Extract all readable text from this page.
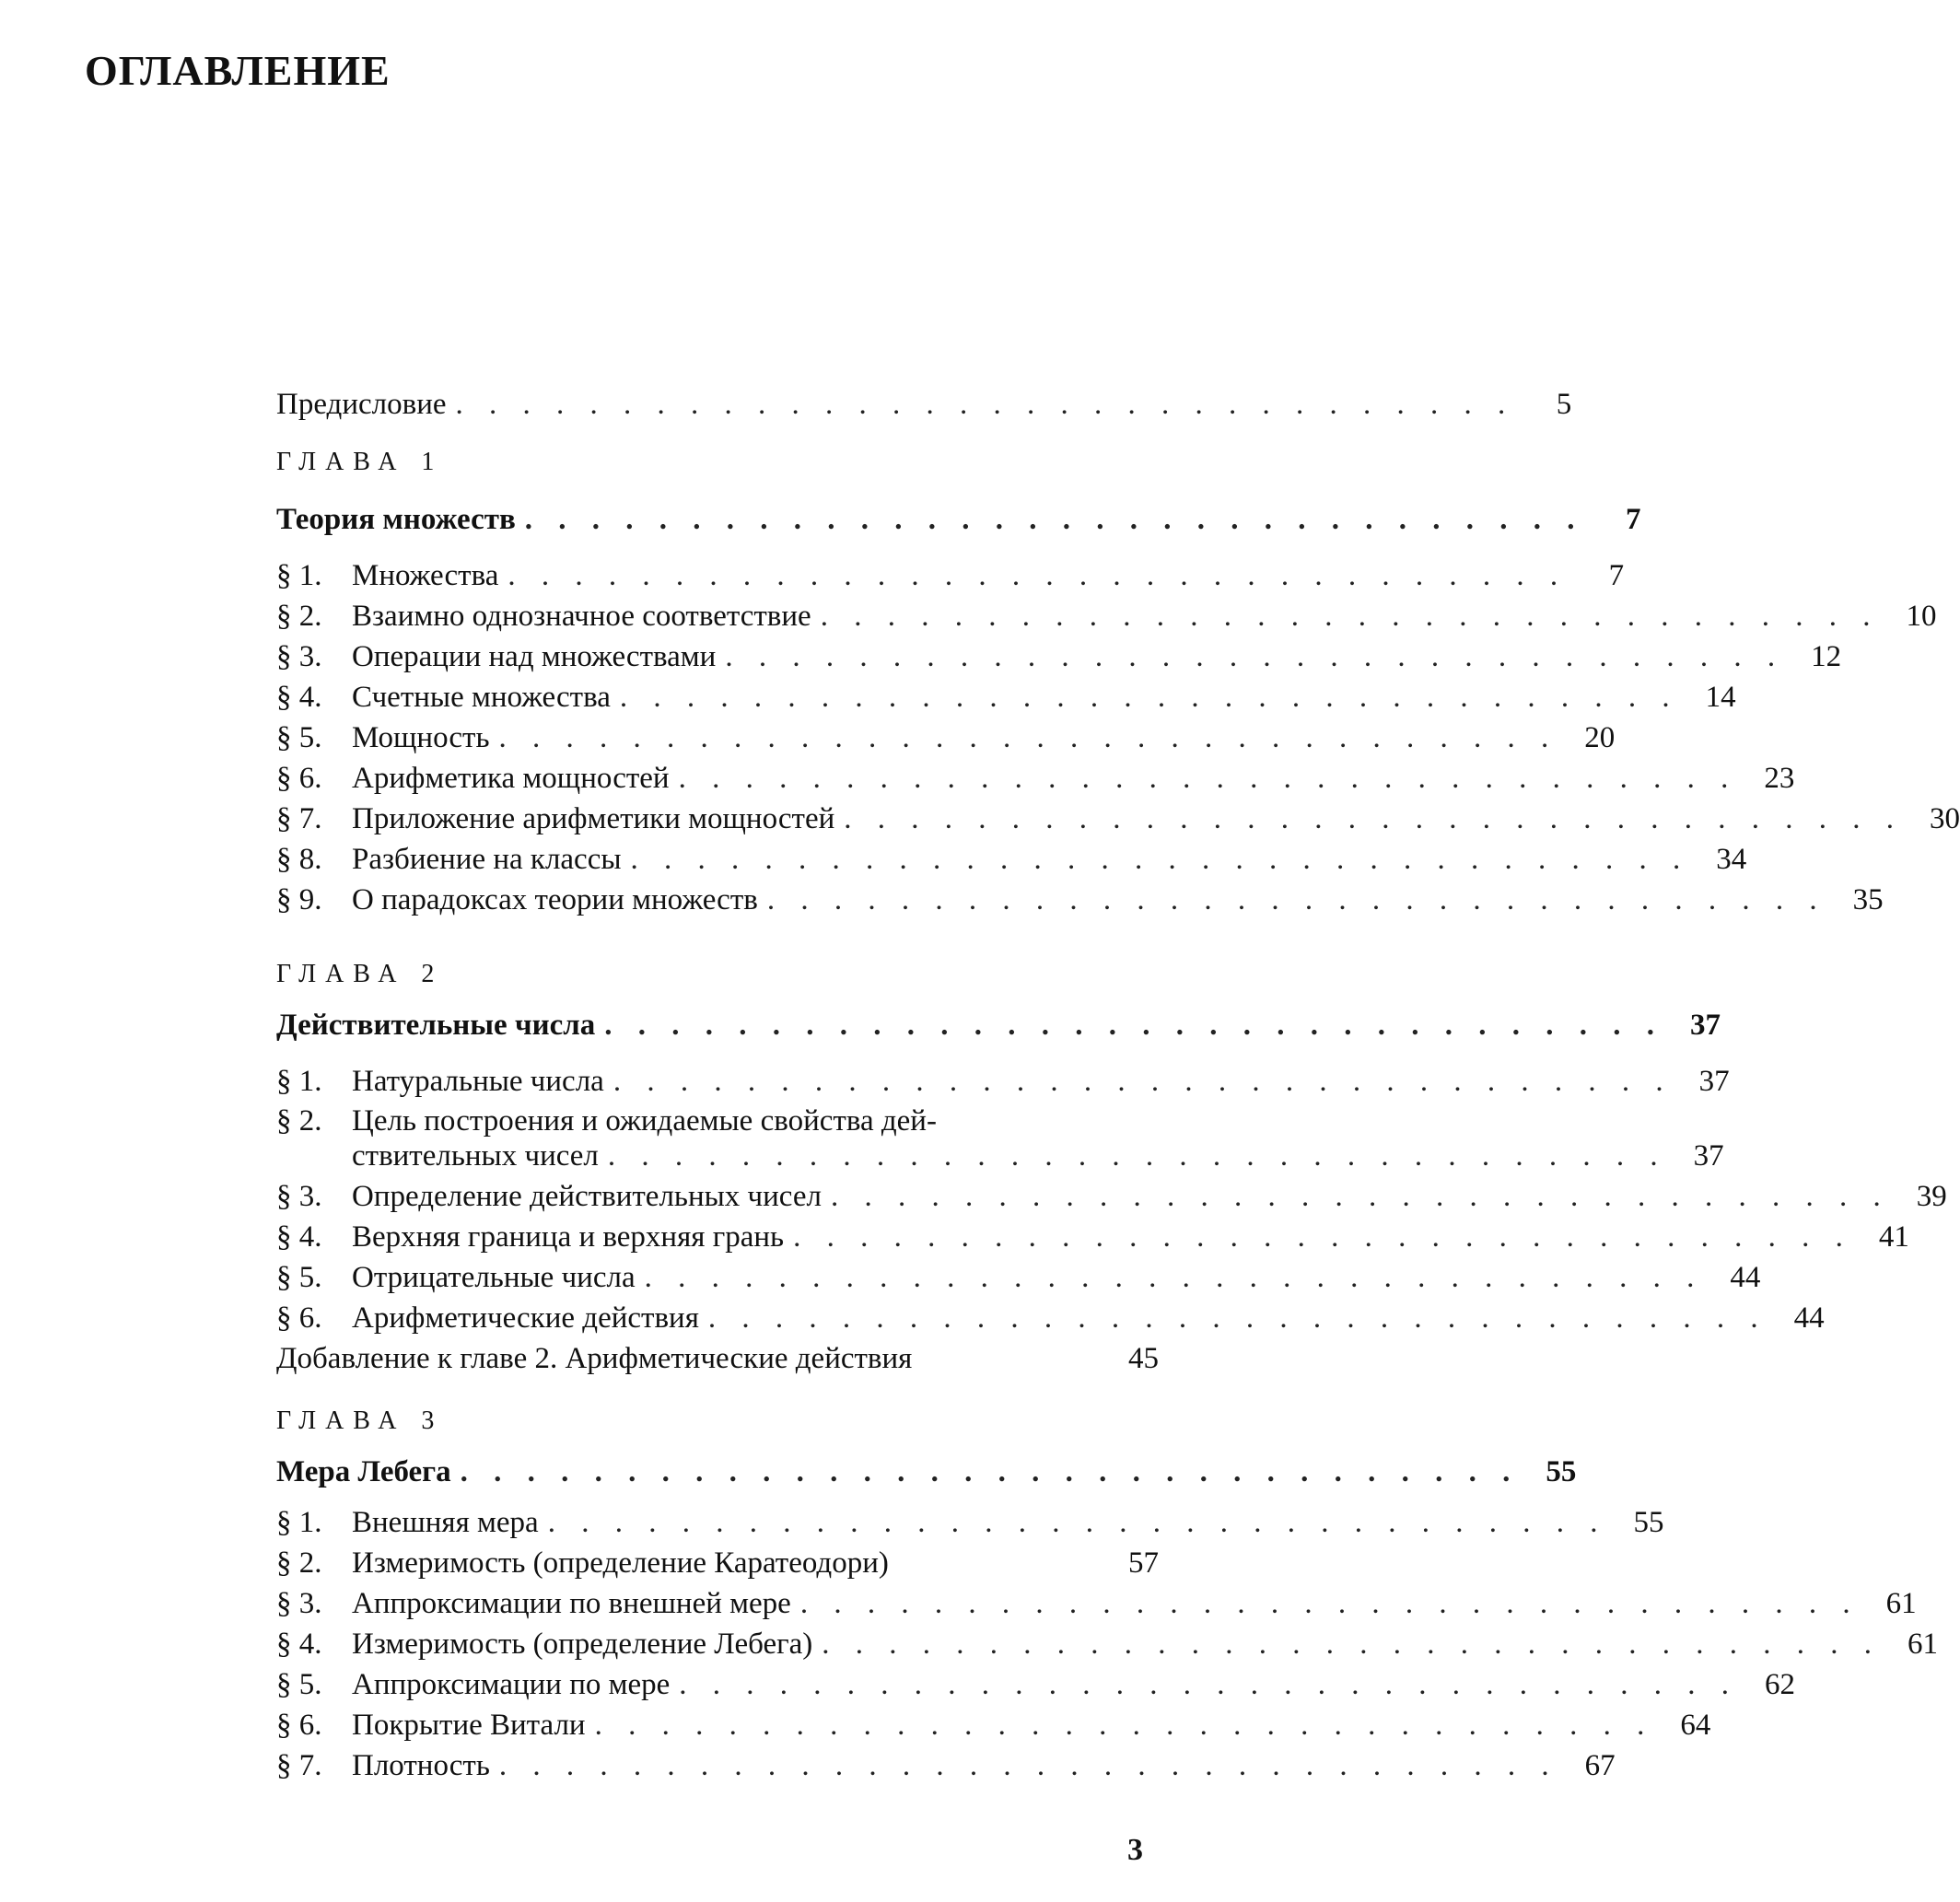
ОГЛАВЛЕНИЕ
Предисловие . . . . . . . . . . . . . . . . . . . . . . . . . . . . . . . .	5
ГЛАВА 1
Теория множеств . . . . . . . . . . . . . . . . . . . . . . . . . . . . . . . .	7
§ 1. Множества . . . . . . . . . . . . . . . . . . . . . . . . . . . . . . . .	7
§ 2. Взаимно однозначное соответствие . . . . . . . . . . . . . . . . . . . . . . . . . . . . . . . . 10
§ 3. Операции над множествами . . . . . . . . . . . . . . . . . . . . . . . . . . . . . . . . 12
§ 4. Счетные множества . . . . . . . . . . . . . . . . . . . . . . . . . . . . . . . . 14
§ 5. Мощность . . . . . . . . . . . . . . . . . . . . . . . . . . . . . . . . 20
§ 6. Арифметика мощностей . . . . . . . . . . . . . . . . . . . . . . . . . . . . . . . . 23
§ 7. Приложение арифметики мощностей . . . . . . . . . . . . . . . . . . . . . . . . . . . . . . . . 30
§ 8. Разбиение на классы . . . . . . . . . . . . . . . . . . . . . . . . . . . . . . . . 34
§ 9. О парадоксах теории множеств . . . . . . . . . . . . . . . . . . . . . . . . . . . . . . . . 35
ГЛАВА 2
Действительные числа . . . . . . . . . . . . . . . . . . . . . . . . . . . . . . . . 37
§ 1. Натуральные числа . . . . . . . . . . . . . . . . . . . . . . . . . . . . . . . . 37
§ 2. Цель построения и ожидаемые свойства дей-
ствительных чисел . . . . . . . . . . . . . . . . . . . . . . . . . . . . . . . . 37
§ 3. Определение действительных чисел . . . . . . . . . . . . . . . . . . . . . . . . . . . . . . . . 39
§ 4. Верхняя граница и верхняя грань . . . . . . . . . . . . . . . . . . . . . . . . . . . . . . . . 41
§ 5. Отрицательные числа . . . . . . . . . . . . . . . . . . . . . . . . . . . . . . . . 44
§ 6. Арифметические действия . . . . . . . . . . . . . . . . . . . . . . . . . . . . . . . . 44
Добавление к главе 2. Арифметические действия	45
ГЛАВА 3
Мера Лебега . . . . . . . . . . . . . . . . . . . . . . . . . . . . . . . . 55
§ 1. Внешняя мера . . . . . . . . . . . . . . . . . . . . . . . . . . . . . . . . 55
§ 2. Измеримость (определение Каратеодори)	57
§ 3. Аппроксимации по внешней мере . . . . . . . . . . . . . . . . . . . . . . . . . . . . . . . . 61
§ 4. Измеримость (определение Лебега) . . . . . . . . . . . . . . . . . . . . . . . . . . . . . . . . 61
§ 5. Аппроксимации по мере . . . . . . . . . . . . . . . . . . . . . . . . . . . . . . . . 62
§ 6. Покрытие Витали . . . . . . . . . . . . . . . . . . . . . . . . . . . . . . . . 64
§ 7. Плотность . . . . . . . . . . . . . . . . . . . . . . . . . . . . . . . . 67
3
